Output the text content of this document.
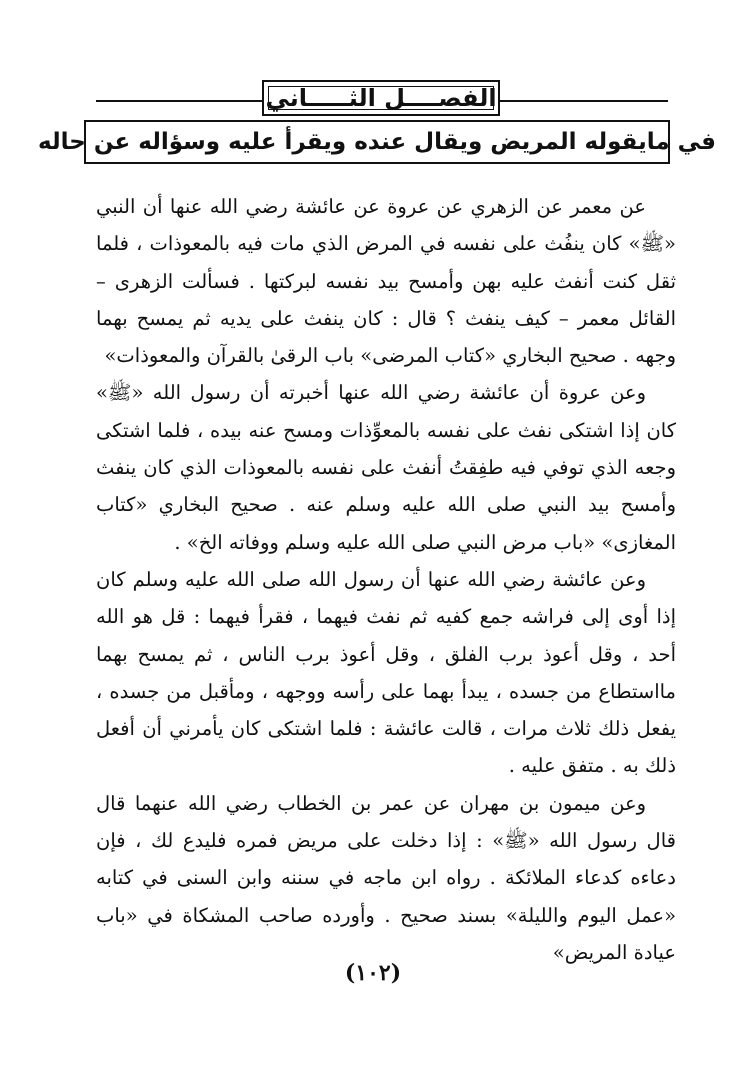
الفصــــل الثـــــاني
في مايقوله المريض ويقال عنده ويقرأ عليه وسؤاله عن حاله

عن معمر عن الزهري عن عروة عن عائشة رضي الله عنها أن النبي «ﷺ» كان ينفُث على نفسه في المرض الذي مات فيه بالمعوذات ، فلما ثقل كنت أنفث عليه بهن وأمسح بيد نفسه لبركتها . فسألت الزهرى – القائل معمر – كيف ينفث ؟ قال : كان ينفث على يديه ثم يمسح بهما وجهه . صحيح البخاري «كتاب المرضى» باب الرقىٰ بالقرآن والمعوذات»

وعن عروة أن عائشة رضي الله عنها أخبرته أن رسول الله «ﷺ» كان إذا اشتكى نفث على نفسه بالمعوِّذات ومسح عنه بيده ، فلما اشتكى وجعه الذي توفي فيه طفِقتُ أنفث على نفسه بالمعوذات الذي كان ينفث وأمسح بيد النبي صلى الله عليه وسلم عنه . صحيح البخاري «كتاب المغازى» «باب مرض النبي صلى الله عليه وسلم ووفاته الخ» .

وعن عائشة رضي الله عنها أن رسول الله صلى الله عليه وسلم كان إذا أوى إلى فراشه جمع كفيه ثم نفث فيهما ، فقرأ فيهما : قل هو الله أحد ، وقل أعوذ برب الفلق ، وقل أعوذ برب الناس ، ثم يمسح بهما مااستطاع من جسده ، يبدأ بهما على رأسه ووجهه ، ومأقبل من جسده ، يفعل ذلك ثلاث مرات ، قالت عائشة : فلما اشتكى كان يأمرني أن أفعل ذلك به . متفق عليه .

وعن ميمون بن مهران عن عمر بن الخطاب رضي الله عنهما قال قال رسول الله «ﷺ» : إذا دخلت على مريض فمره فليدع لك ، فإن دعاءه كدعاء الملائكة . رواه ابن ماجه في سننه وابن السنى في كتابه «عمل اليوم والليلة» بسند صحيح . وأورده صاحب المشكاة في «باب عيادة المريض»

(١٠٢)
